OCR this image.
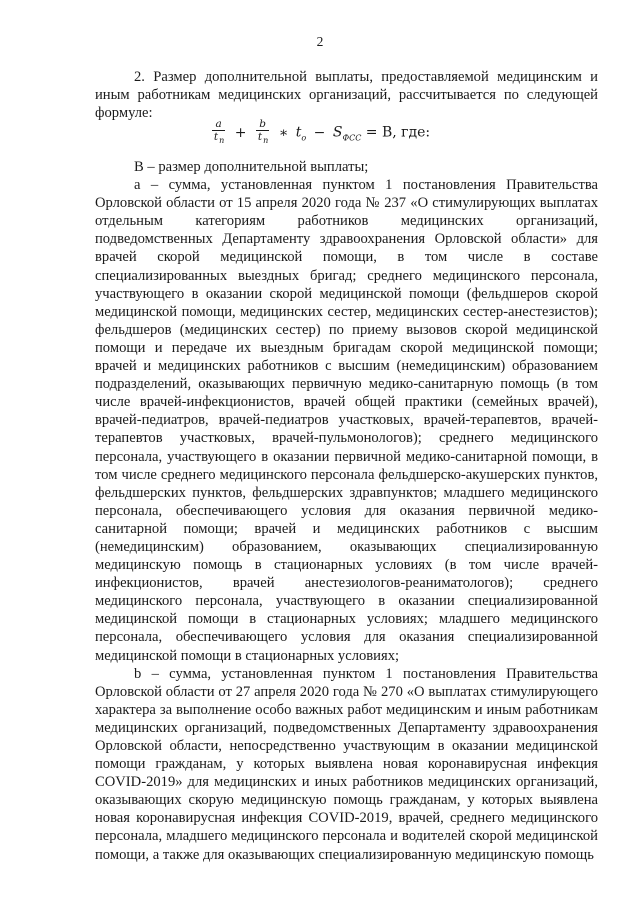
2

2. Размер дополнительной выплаты, предоставляемой медицинским и иным работникам медицинских организаций, рассчитывается по следующей формуле:

$\frac{a}{t_n} + \frac{b}{t_n}$ ∗ $t_o - S_{ФСС} = В$, где:

В – размер дополнительной выплаты;

а – сумма, установленная пунктом 1 постановления Правительства Орловской области от 15 апреля 2020 года № 237 «О стимулирующих выплатах отдельным категориям работников медицинских организаций, подведомственных Департаменту здравоохранения Орловской области» для врачей скорой медицинской помощи, в том числе в составе специализированных выездных бригад; среднего медицинского персонала, участвующего в оказании скорой медицинской помощи (фельдшеров скорой медицинской помощи, медицинских сестер, медицинских сестер-анестезистов); фельдшеров (медицинских сестер) по приему вызовов скорой медицинской помощи и передаче их выездным бригадам скорой медицинской помощи; врачей и медицинских работников с высшим (немедицинским) образованием подразделений, оказывающих первичную медико-санитарную помощь (в том числе врачей-инфекционистов, врачей общей практики (семейных врачей), врачей-педиатров, врачей-педиатров участковых, врачей-терапевтов, врачей-терапевтов участковых, врачей-пульмонологов); среднего медицинского персонала, участвующего в оказании первичной медико-санитарной помощи, в том числе среднего медицинского персонала фельдшерско-акушерских пунктов, фельдшерских пунктов, фельдшерских здравпунктов; младшего медицинского персонала, обеспечивающего условия для оказания первичной медико-санитарной помощи; врачей и медицинских работников с высшим (немедицинским) образованием, оказывающих специализированную медицинскую помощь в стационарных условиях (в том числе врачей-инфекционистов, врачей анестезиологов-реаниматологов); среднего медицинского персонала, участвующего в оказании специализированной медицинской помощи в стационарных условиях; младшего медицинского персонала, обеспечивающего условия для оказания специализированной медицинской помощи в стационарных условиях;

b – сумма, установленная пунктом 1 постановления Правительства Орловской области от 27 апреля 2020 года № 270 «О выплатах стимулирующего характера за выполнение особо важных работ медицинским и иным работникам медицинских организаций, подведомственных Департаменту здравоохранения Орловской области, непосредственно участвующим в оказании медицинской помощи гражданам, у которых выявлена новая коронавирусная инфекция COVID-2019» для медицинских и иных работников медицинских организаций, оказывающих скорую медицинскую помощь гражданам, у которых выявлена новая коронавирусная инфекция COVID-2019, врачей, среднего медицинского персонала, младшего медицинского персонала и водителей скорой медицинской помощи, а также для оказывающих специализированную медицинскую помощь
